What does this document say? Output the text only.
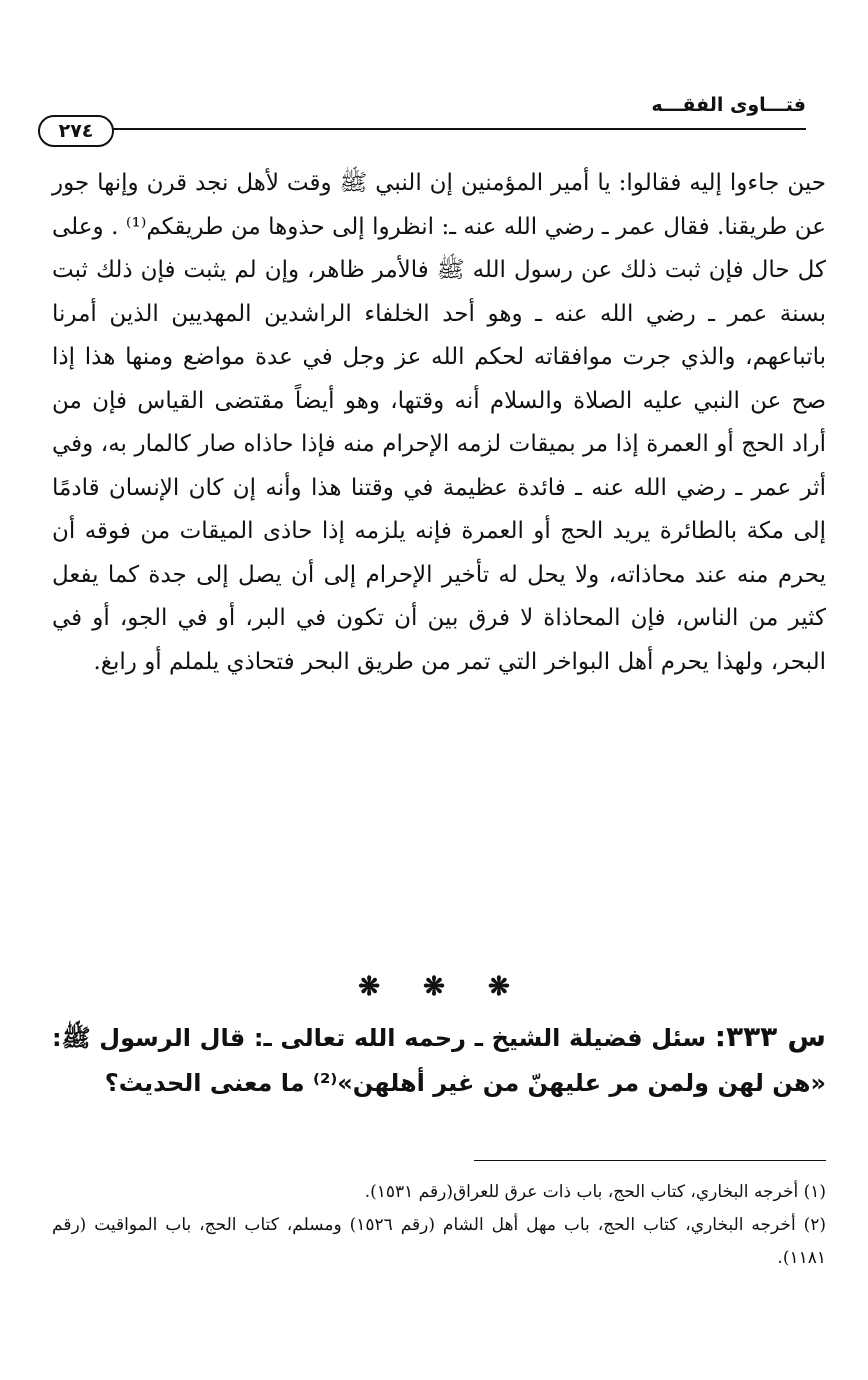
فتـــاوى الفقـــه
٢٧٤

حين جاءوا إليه فقالوا: يا أمير المؤمنين إن النبي ﷺ وقت لأهل نجد قرن وإنها جور عن طريقنا. فقال عمر ـ رضي الله عنه ـ: انظروا إلى حذوها من طريقكم⁽¹⁾ . وعلى كل حال فإن ثبت ذلك عن رسول الله ﷺ فالأمر ظاهر، وإن لم يثبت فإن ذلك ثبت بسنة عمر ـ رضي الله عنه ـ وهو أحد الخلفاء الراشدين المهديين الذين أمرنا باتباعهم، والذي جرت موافقاته لحكم الله عز وجل في عدة مواضع ومنها هذا إذا صح عن النبي عليه الصلاة والسلام أنه وقتها، وهو أيضاً مقتضى القياس فإن من أراد الحج أو العمرة إذا مر بميقات لزمه الإحرام منه فإذا حاذاه صار كالمار به، وفي أثر عمر ـ رضي الله عنه ـ فائدة عظيمة في وقتنا هذا وأنه إن كان الإنسان قادمًا إلى مكة بالطائرة يريد الحج أو العمرة فإنه يلزمه إذا حاذى الميقات من فوقه أن يحرم منه عند محاذاته، ولا يحل له تأخير الإحرام إلى أن يصل إلى جدة كما يفعل كثير من الناس، فإن المحاذاة لا فرق بين أن تكون في البر، أو في الجو، أو في البحر، ولهذا يحرم أهل البواخر التي تمر من طريق البحر فتحاذي يلملم أو رابغ.

❋ ❋ ❋

س ٣٣٣: سئل فضيلة الشيخ ـ رحمه الله تعالى ـ: قال الرسول ﷺ: «هن لهن ولمن مر عليهنّ من غير أهلهن»⁽²⁾ ما معنى الحديث؟

(١) أخرجه البخاري، كتاب الحج، باب ذات عرق للعراق(رقم ١٥٣١).

(٢) أخرجه البخاري، كتاب الحج، باب مهل أهل الشام (رقم ١٥٢٦) ومسلم، كتاب الحج، باب المواقيت (رقم ١١٨١).
